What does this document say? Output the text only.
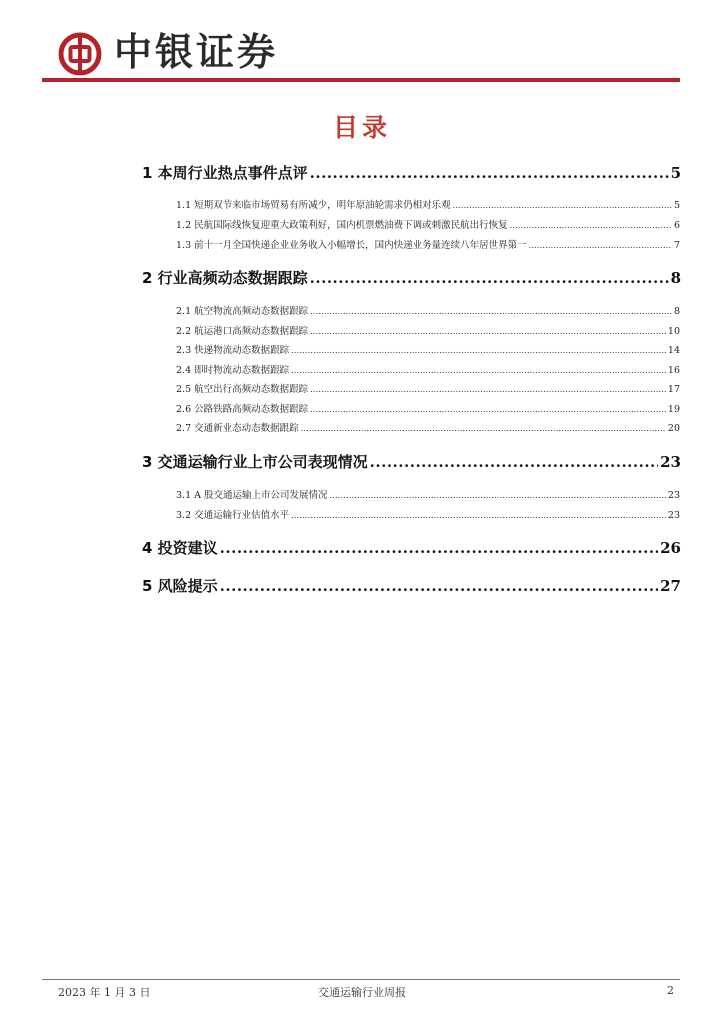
中银证券
目录
1 本周行业热点事件点评 .....	5
1.1 短期双节来临市场贸易有所减少，明年原油轮需求仍相对乐观 .....	5
1.2 民航国际线恢复迎重大政策利好，国内机票燃油费下调或刺激民航出行恢复 .....	6
1.3 前十一月全国快递企业业务收入小幅增长，国内快递业务量连续八年居世界第一 .....	7
2 行业高频动态数据跟踪 .....	8
2.1 航空物流高频动态数据跟踪 .....	8
2.2 航运港口高频动态数据跟踪 .....	10
2.3 快递物流动态数据跟踪 .....	14
2.4 即时物流动态数据跟踪 .....	16
2.5 航空出行高频动态数据跟踪 .....	17
2.6 公路铁路高频动态数据跟踪 .....	19
2.7 交通新业态动态数据跟踪 .....	20
3 交通运输行业上市公司表现情况 .....	23
3.1 A 股交通运输上市公司发展情况 .....	23
3.2 交通运输行业估值水平 .....	23
4 投资建议 .....	26
5 风险提示 .....	27
2023 年 1 月 3 日	交通运输行业周报	2
